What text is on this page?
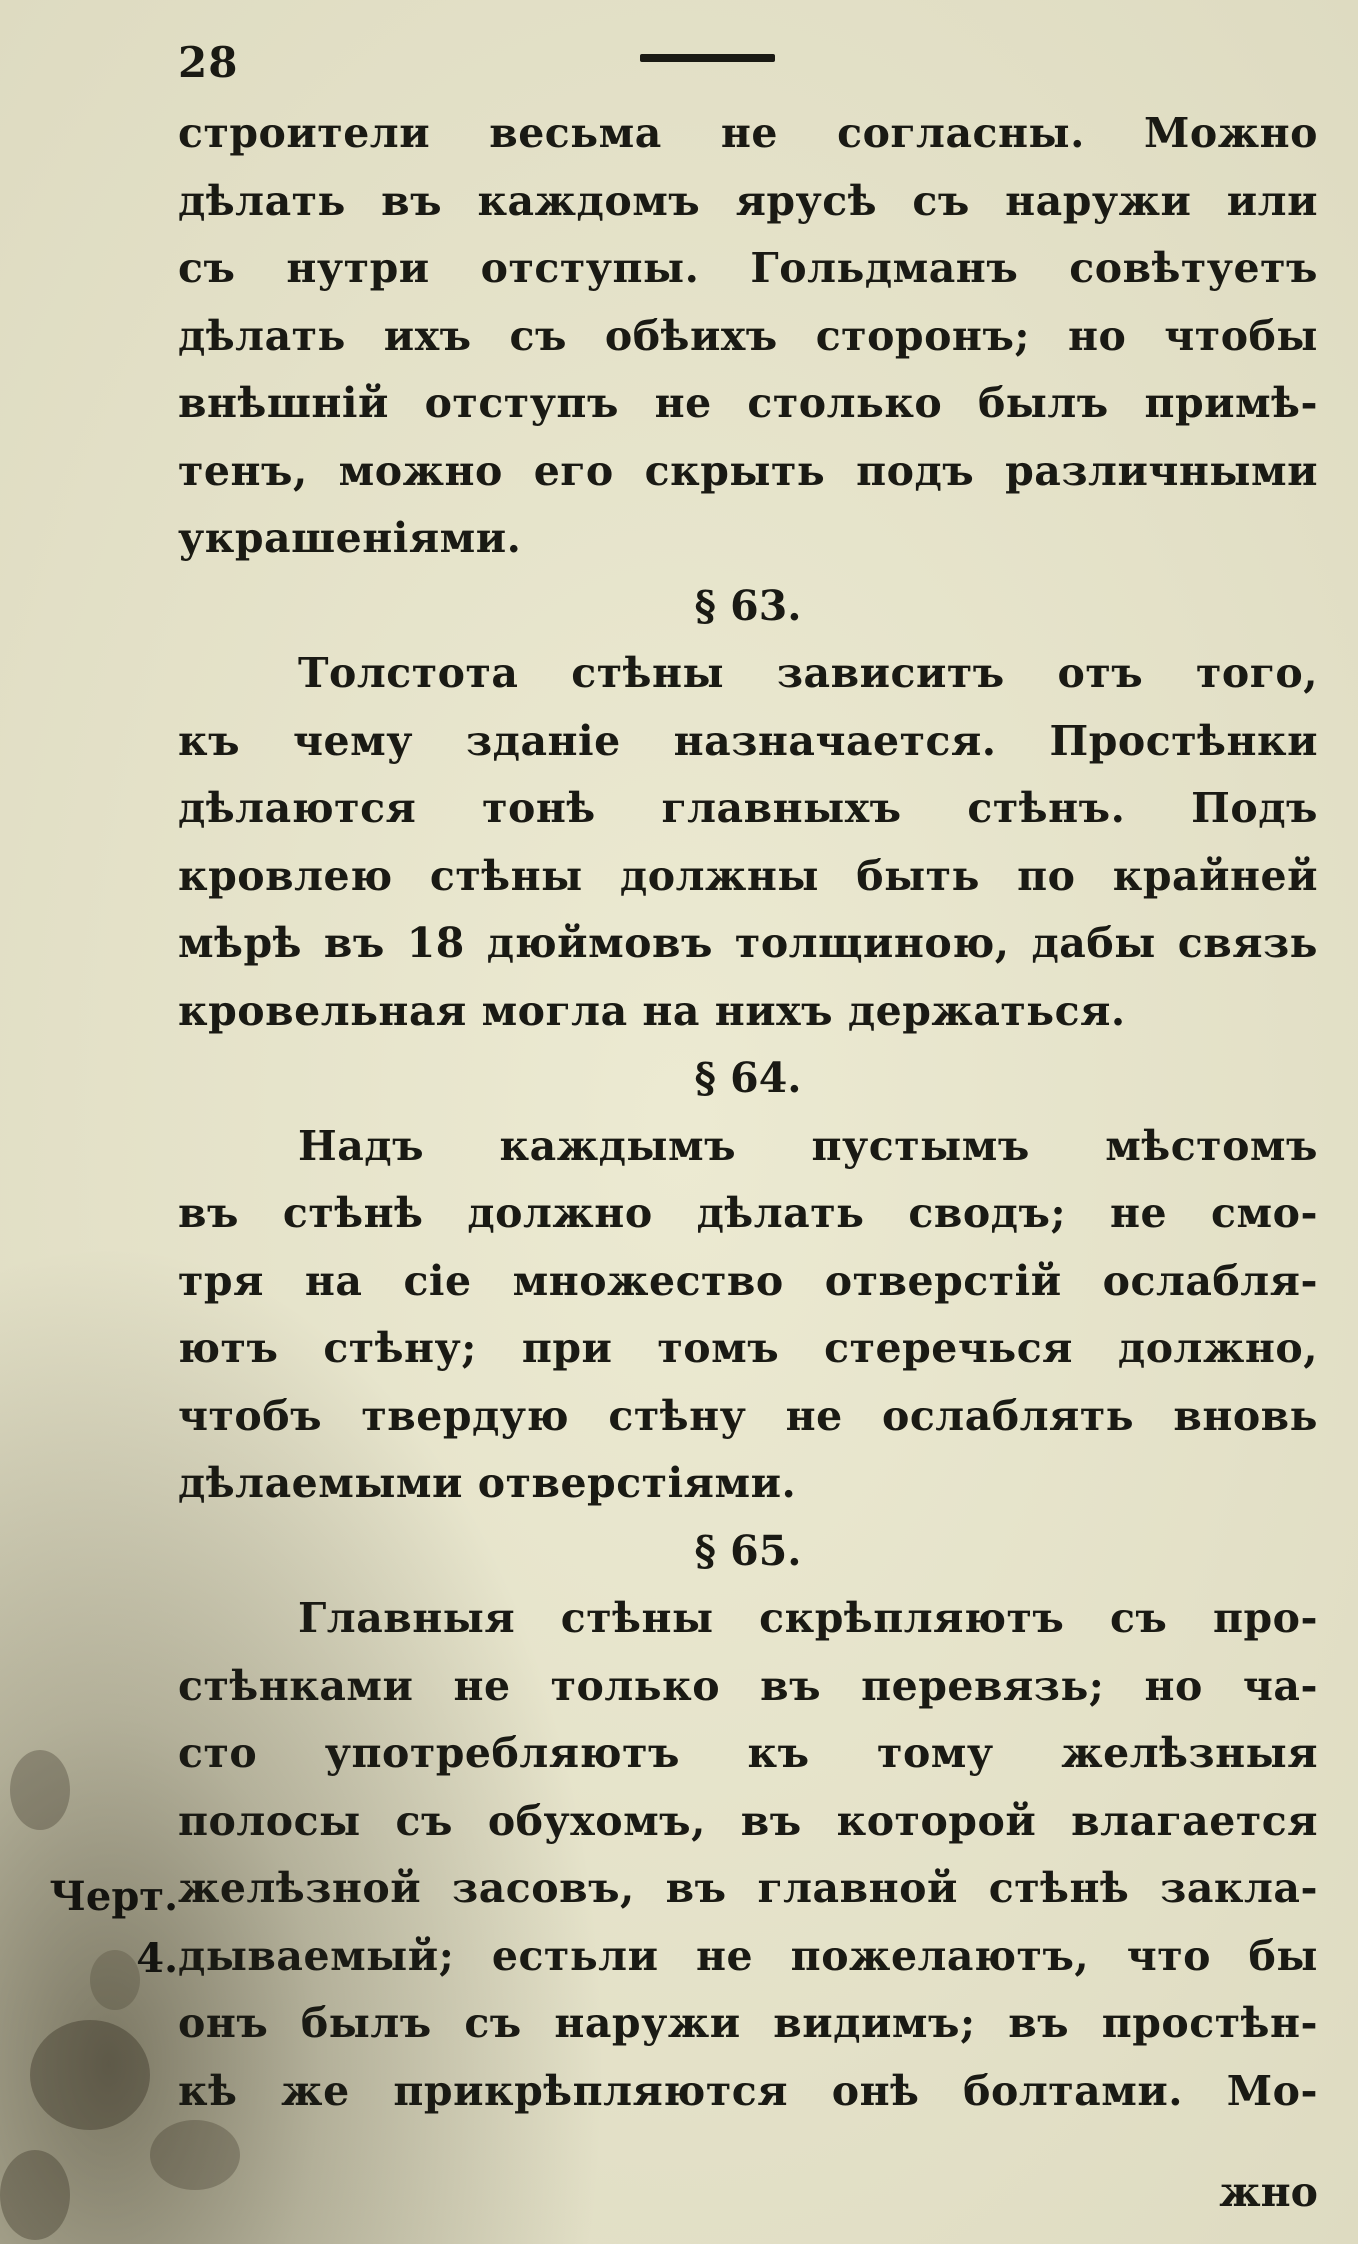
28
строители весьма не согласны. Можно
дѣлать въ каждомъ ярусѣ съ наружи или
съ нутри отступы. Гольдманъ совѣтуетъ
дѣлать ихъ съ обѣихъ сторонъ; но чтобы
внѣшній отступъ не столько былъ примѣ-
тенъ, можно его скрыть подъ различными
украшеніями.
§ 63.
Толстота стѣны зависитъ отъ того,
къ чему зданіе назначается. Простѣнки
дѣлаются тонѣ главныхъ стѣнъ. Подъ
кровлею стѣны должны быть по крайней
мѣрѣ въ 18 дюймовъ толщиною, дабы связь
кровельная могла на нихъ держаться.
§ 64.
Надъ каждымъ пустымъ мѣстомъ
въ стѣнѣ должно дѣлать сводъ; не смо-
тря на сіе множество отверстій ослабля-
ютъ стѣну; при томъ стеречься должно,
чтобъ твердую стѣну не ослаблять вновь
дѣлаемыми отверстіями.
§ 65.
Главныя стѣны скрѣпляютъ съ про-
стѣнками не только въ перевязь; но ча-
сто употребляютъ къ тому желѣзныя
полосы съ обухомъ, въ которой влагается
желѣзной засовъ, въ главной стѣнѣ закла-
дываемый; естьли не пожелаютъ, что бы
онъ былъ съ наружи видимъ; въ простѣн-
кѣ же прикрѣпляются онѣ болтами. Мо-
Черт.
4.
жно
